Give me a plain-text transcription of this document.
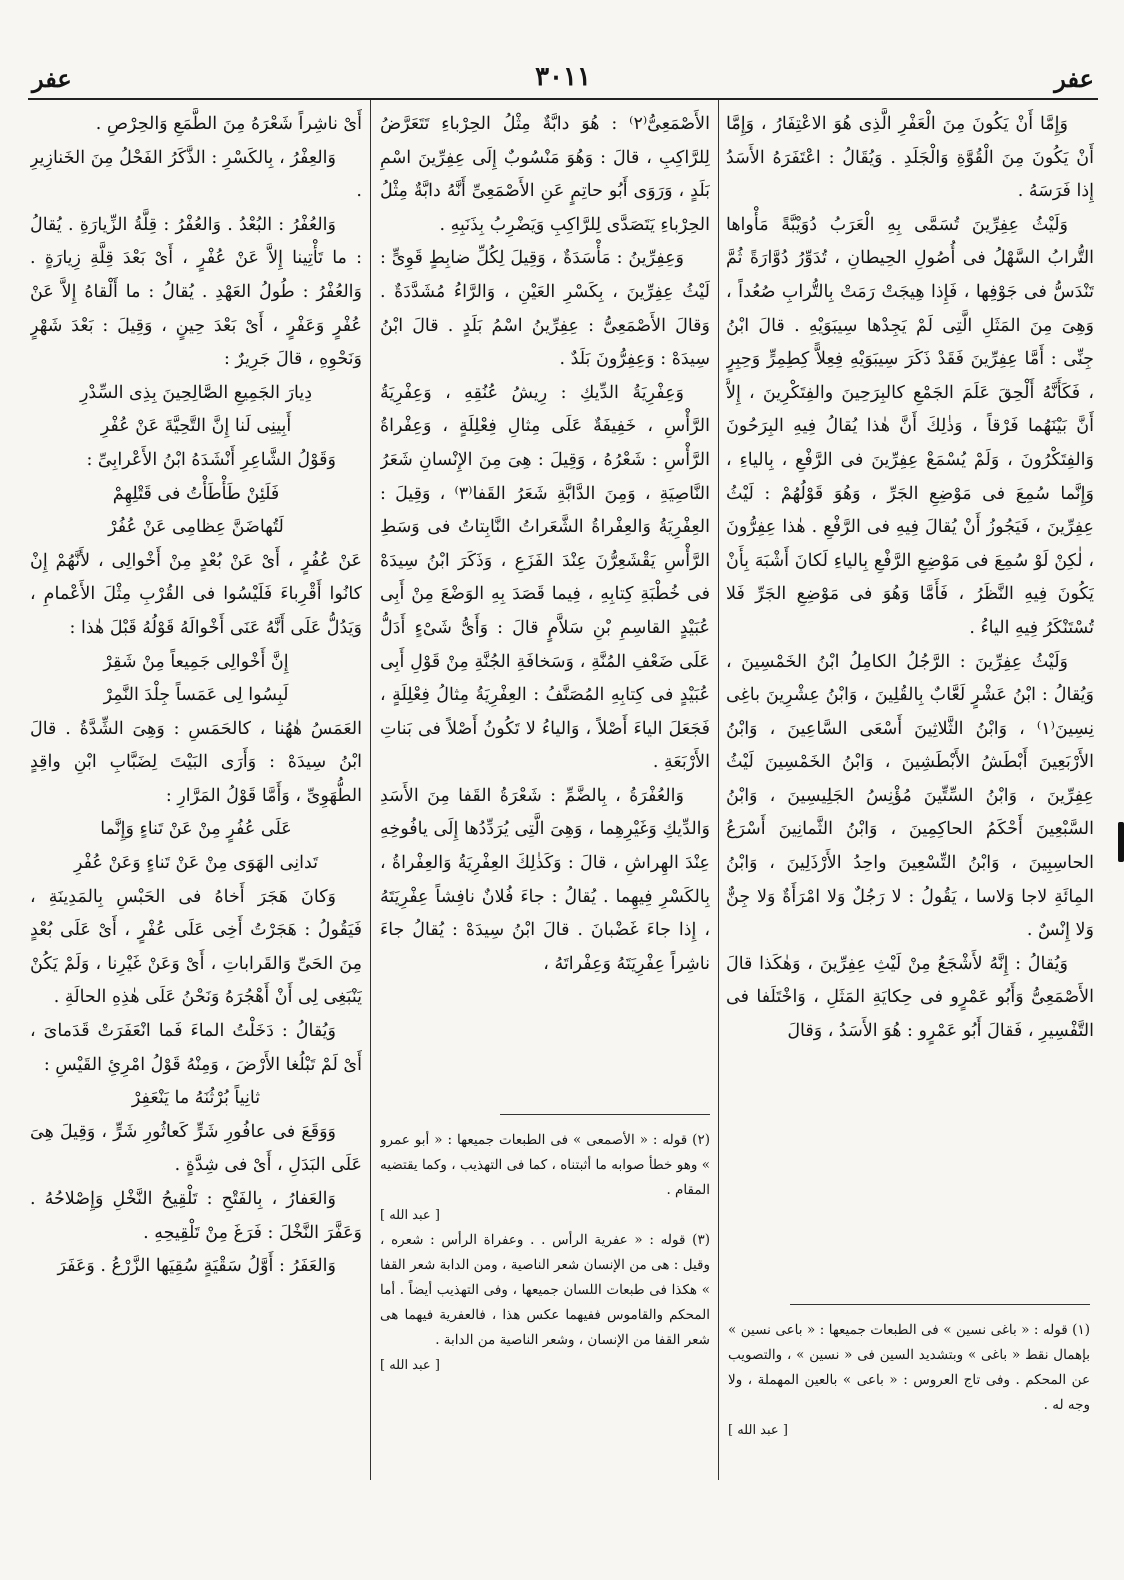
عفر
٣٠١١
عفر

وَإِمَّا أَنْ يَكُونَ مِنَ الْعَفْرِ الَّذِى هُوَ الاعْتِفَارُ ، وَإِمَّا أَنْ يَكُونَ مِنَ الْقُوَّةِ وَالْجَلَدِ . وَيُقَالُ : اعْتَفَرَهُ الأَسَدُ إِذا فَرَسَهُ .

وَلَيْثُ عِفِرِّينَ تُسَمَّى بِهِ الْعَرَبُ دُوَيْبَّةً مَأْواها التُّرابُ السَّهْلُ فى أُصُولِ الحِيطانِ ، تُدَوِّرُ دُوَّارَةً ثُمَّ تَنْدَسُّ فى جَوْفِها ، فَإِذا هِيجَتْ رَمَتْ بِالتُّرابِ صُعُداً ، وَهِىَ مِنَ المَثَلِ الَّتِى لَمْ يَجِدْها سِيبَوَيْهِ . قالَ ابْنُ جِنِّى : أَمَّا عِفِرِّينَ فَقَدْ ذَكَرَ سِيبَوَيْهِ فِعِلاًّ كِطِمِرٍّ وَحِبِرٍ ، فَكَأَنَّهُ أَلْحِقَ عَلَمَ الجَمْعِ كالبِرَحِينَ والفِتَكْرِينَ ، إِلاَّ أَنَّ بَيْنَهُما فَرْقاً ، وَذٰلِكَ أَنَّ هٰذا يُقالُ فِيهِ البِرَحُونَ وَالفِتَكْرُونَ ، وَلَمْ يُسْمَعْ عِفِرِّينَ فى الرَّفْعِ ، بِالياءِ ، وَإِنَّما سُمِعَ فى مَوْضِعِ الجَرِّ ، وَهُوَ قَوْلُهُمْ : لَيْثُ عِفِرِّينَ ، فَيَجُوزُ أَنْ يُقالَ فِيهِ فى الرَّفْعِ . هٰذا عِفِرُّونَ ، لٰكِنْ لَوْ سُمِعَ فى مَوْضِعِ الرَّفْعِ بِالياءِ لَكانَ أَشْبَهَ بِأَنْ يَكُونَ فِيهِ النَّظَرُ ، فَأَمَّا وَهُوَ فى مَوْضِعِ الجَرِّ فَلا تُسْتَنْكَرُ فِيهِ الياءُ .

وَلَيْثُ عِفِرِّينَ : الرَّجُلُ الكامِلُ ابْنُ الخَمْسِينَ ، وَيُقالُ : ابْنُ عَشْرٍ لَعَّابٌ بِالقُلِينَ ، وَابْنُ عِشْرِينَ باغِى نِسِينَ⁽١⁾ ، وَابْنُ الثَّلاثِينَ أَسْعَى السَّاعِينَ ، وَابْنُ الأَرْبَعِينَ أَبْطَشُ الأَبْطَشِينَ ، وَابْنُ الخَمْسِينَ لَيْثُ عِفِرِّينَ ، وَابْنُ السِّتِّينَ مُؤْنِسُ الجَلِيسِينَ ، وَابْنُ السَّبْعِينَ أَحْكَمُ الحاكِمِينَ ، وَابْنُ الثَّمانِينَ أَسْرَعُ الحاسِبِينَ ، وَابْنُ التِّسْعِينَ واحِدُ الأَرْذَلِينَ ، وَابْنُ المِائَةِ لاجا وَلاسا ، يَقُولُ : لا رَجُلٌ وَلا امْرَأَةٌ وَلا جِنٌّ وَلا إِنْسٌ .

وَيُقالُ : إِنَّهُ لأَشْجَعُ مِنْ لَيْثِ عِفِرِّينَ ، وَهٰكَذا قالَ الأَصْمَعِىُّ وَأَبُو عَمْرٍو فى حِكايَةِ المَثَلِ ، وَاخْتَلَفا فى التَّفْسِيرِ ، فَقالَ أَبُو عَمْرٍو : هُوَ الأَسَدُ ، وَقالَ

الأَصْمَعِىُّ⁽٢⁾ : هُوَ دابَّةٌ مِثْلُ الحِرْباءِ تَتَعَرَّضُ لِلرَّاكِبِ ، قالَ : وَهُوَ مَنْسُوبٌ إِلَى عِفِرِّينَ اسْمِ بَلَدٍ ، وَرَوَى أَبُو حاتِمٍ عَنِ الأَصْمَعِىِّ أَنَّهُ دابَّةٌ مِثْلُ الحِرْباءِ يَتَصَدَّى لِلرَّاكِبِ وَيَضْرِبُ بِذَنَبِهِ .

وَعِفِرِّينُ : مَأْسَدَةٌ ، وَقِيلَ لِكُلِّ ضابِطٍ قَوِىٍّ : لَيْثُ عِفِرِّينَ ، بِكَسْرِ العَيْنِ ، وَالرَّاءُ مُشَدَّدَةٌ . وَقالَ الأَصْمَعِىُّ : عِفِرِّينُ اسْمُ بَلَدٍ . قالَ ابْنُ سِيدَهْ : وَعِفِرُّونَ بَلَدٌ .

وَعِفْرِيَةُ الدِّيكِ : رِيشُ عُنُقِهِ ، وَعِفْرِيَةُ الرَّأْسِ ، خَفِيفَةٌ عَلَى مِثالِ فِعْلِلَةٍ ، وَعِفْراةُ الرَّأْسِ : شَعْرُهُ ، وَقِيلَ : هِىَ مِنَ الإِنْسانِ شَعَرُ النَّاصِيَةِ ، وَمِنَ الدَّابَّةِ شَعَرُ القَفا⁽٣⁾ ، وَقِيلَ : العِفْرِيَةُ وَالعِفْراةُ الشَّعَراتُ النَّابِتاتُ فى وَسَطِ الرَّأْسِ يَقْشَعِرُّنَ عِنْدَ الفَزَعِ ، وَذَكَرَ ابْنُ سِيدَهْ فى خُطْبَةِ كِتابِهِ ، فِيما قَصَدَ بِهِ الوَضْعَ مِنْ أَبِى عُبَيْدٍ القاسِمِ بْنِ سَلاَّمٍ قالَ : وَأَىُّ شَىْءٍ أَدَلُّ عَلَى ضَعْفِ المُنَّةِ ، وَسَخافَةِ الجُنَّةِ مِنْ قَوْلِ أَبِى عُبَيْدٍ فى كِتابِهِ المُصَنَّفُ : العِفْرِيَةُ مِثالُ فِعْلِلَةٍ ، فَجَعَلَ الياءَ أَصْلاً ، وَالياءُ لا تَكُونُ أَصْلاً فى بَناتِ الأَرْبَعَةِ .

وَالعُفْرَةُ ، بِالضَّمِّ : شَعْرَةُ القَفا مِنَ الأَسَدِ وَالدِّيكِ وَغَيْرِهِما ، وَهِىَ الَّتِى يُرَدِّدُها إِلَى يافُوخِهِ عِنْدَ الهِراشِ ، قالَ : وَكَذٰلِكَ العِفْرِيَةُ وَالعِفْراةُ ، بِالكَسْرِ فِيهِما . يُقالُ : جاءَ فُلانٌ نافِشاً عِفْرِيَتَهُ ، إِذا جاءَ غَضْبانَ . قالَ ابْنُ سِيدَهْ : يُقالُ جاءَ ناشِراً عِفْرِيَتَهُ وَعِفْراتَهُ ،

أَىْ ناشِراً شَعْرَهُ مِنَ الطَّمَعِ وَالحِرْصِ .

وَالعِفْرُ ، بِالكَسْرِ : الذَّكَرُ الفَحْلُ مِنَ الخَنازِيرِ .

وَالعُفْرُ : البُعْدُ . وَالعُفْرُ : قِلَّةُ الزِّيارَةِ . يُقالُ : ما تَأْتِينا إِلاَّ عَنْ عُفْرٍ ، أَىْ بَعْدَ قِلَّةِ زِيارَةٍ . وَالعُفْرُ : طُولُ العَهْدِ . يُقالُ : ما أَلْقاهُ إِلاَّ عَنْ عُفْرٍ وَعَفْرٍ ، أَىْ بَعْدَ حِينٍ ، وَقِيلَ : بَعْدَ شَهْرٍ وَنَحْوِهِ ، قالَ جَرِيرٌ :

دِيارَ الجَمِيعِ الصَّالِحِينَ بِذِى السِّدْرِ

أَبِينِى لَنا إِنَّ التَّحِيَّةَ عَنْ عُفْرِ

وَقَوْلُ الشَّاعِرِ أَنْشَدَهُ ابْنُ الأَعْرابِىِّ :

فَلَئِنْ طَأْطَأْتُ فى قَتْلِهِمْ

لَتُهاضَنَّ عِظامِى عَنْ عُفُرْ

عَنْ عُفُرٍ ، أَىْ عَنْ بُعْدٍ مِنْ أَخْوالِى ، لأَنَّهُمْ إِنْ كانُوا أَقْرِباءَ فَلَيْسُوا فى القُرْبِ مِثْلَ الأَعْمامِ ، وَيَدُلُّ عَلَى أَنَّهُ عَنَى أَخْوالَهُ قَوْلُهُ قَبْلَ هٰذا :

إِنَّ أَخْوالِى جَمِيعاً مِنْ شَقِرْ

لَبِسُوا لِى عَمَساً جِلْدَ النَّمِرْ

العَمَسُ هٰهُنا ، كالحَمَسِ : وَهِىَ الشِّدَّةُ . قالَ ابْنُ سِيدَهْ : وَأَرَى البَيْتَ لِضَبَّابِ ابْنِ واقِدٍ الطُّهَوِىِّ ، وَأَمَّا قَوْلُ المَرَّارِ :

عَلَى عُفُرٍ مِنْ عَنْ تَناءٍ وَإِنَّما

تَدانِى الهَوَى مِنْ عَنْ تَناءٍ وَعَنْ عُفْرِ

وَكانَ هَجَرَ أَخاهُ فى الحَبْسِ بِالمَدِينَةِ ، فَيَقُولُ : هَجَرْتُ أَخِى عَلَى عُفْرٍ ، أَىْ عَلَى بُعْدٍ مِنَ الحَىِّ وَالقَراباتِ ، أَىْ وَعَنْ غَيْرِنا ، وَلَمْ يَكُنْ يَنْبَغِى لِى أَنْ أَهْجُرَهُ وَنَحْنُ عَلَى هٰذِهِ الحالَةِ .

وَيُقالُ : دَخَلْتُ الماءَ فَما انْعَفَرَتْ قَدَماىَ ، أَىْ لَمْ تَبْلُغا الأَرْضَ ، وَمِنْهُ قَوْلُ امْرِئِ القَيْسِ :

ثانِياً بُرْثُنَهُ ما يَنْعَفِرْ

وَوَقَعَ فى عافُورِ شَرٍّ كَعاثُورِ شَرٍّ ، وَقِيلَ هِىَ عَلَى البَدَلِ ، أَىْ فى شِدَّةٍ .

وَالعَفارُ ، بِالفَتْحِ : تَلْقِيحُ النَّخْلِ وَإِصْلاحُهُ . وَعَفَّرَ النَّخْلَ : فَرَغَ مِنْ تَلْقِيحِهِ .

وَالعَفَرُ : أَوَّلُ سَقْيَةٍ سُقِيَها الزَّرْعُ . وَعَفَرَ

(٢) قوله : « الأصمعى » فى الطبعات جميعها : « أبو عمرو » وهو خطأ صوابه ما أثبتناه ، كما فى التهذيب ، وكما يقتضيه المقام .

[ عبد الله ]

(٣) قوله : « عفرية الرأس . . وعفراة الرأس : شعره ، وقيل : هى من الإنسان شعر الناصية ، ومن الدابة شعر القفا » هكذا فى طبعات اللسان جميعها ، وفى التهذيب أيضاً . أما المحكم والقاموس ففيهما عكس هذا ، فالعفرية فيهما هى شعر القفا من الإنسان ، وشعر الناصية من الدابة .

[ عبد الله ]

(١) قوله : « باغى نسين » فى الطبعات جميعها : « باعى نسين » بإهمال نقط « باغى » وبتشديد السين فى « نسين » ، والتصويب عن المحكم . وفى تاج العروس : « باعى » بالعين المهملة ، ولا وجه له .

[ عبد الله ]
